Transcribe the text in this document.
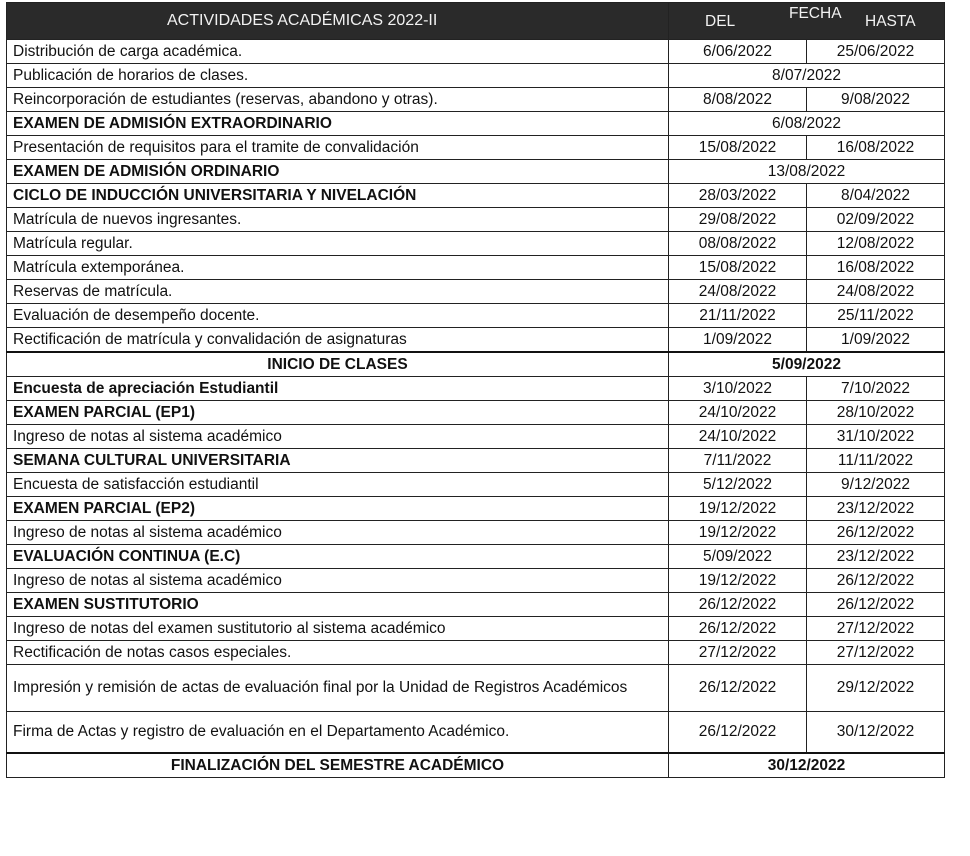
ACTIVIDADES ACADÉMICAS 2022-II	DEL FECHA HASTA	

Distribución de carga académica.	6/06/2022	25/06/2022
Publicación de horarios de clases.	8/07/2022	
Reincorporación de estudiantes (reservas, abandono y otras).	8/08/2022	9/08/2022
EXAMEN DE ADMISIÓN EXTRAORDINARIO	6/08/2022	
Presentación de requisitos para el tramite de convalidación	15/08/2022	16/08/2022
EXAMEN DE ADMISIÓN ORDINARIO	13/08/2022	
CICLO DE INDUCCIÓN UNIVERSITARIA Y NIVELACIÓN	28/03/2022	8/04/2022
Matrícula de nuevos ingresantes.	29/08/2022	02/09/2022
Matrícula regular.	08/08/2022	12/08/2022
Matrícula extemporánea.	15/08/2022	16/08/2022
Reservas de matrícula.	24/08/2022	24/08/2022
Evaluación de desempeño docente.	21/11/2022	25/11/2022
Rectificación de matrícula y convalidación de asignaturas	1/09/2022	1/09/2022
INICIO DE CLASES	5/09/2022	
Encuesta de apreciación Estudiantil	3/10/2022	7/10/2022
EXAMEN PARCIAL (EP1)	24/10/2022	28/10/2022
Ingreso de notas al sistema académico	24/10/2022	31/10/2022
SEMANA CULTURAL UNIVERSITARIA	7/11/2022	11/11/2022
Encuesta de satisfacción estudiantil	5/12/2022	9/12/2022
EXAMEN PARCIAL (EP2)	19/12/2022	23/12/2022
Ingreso de notas al sistema académico	19/12/2022	26/12/2022
EVALUACIÓN CONTINUA (E.C)	5/09/2022	23/12/2022
Ingreso de notas al sistema académico	19/12/2022	26/12/2022
EXAMEN SUSTITUTORIO	26/12/2022	26/12/2022
Ingreso de notas del examen sustitutorio al sistema académico	26/12/2022	27/12/2022
Rectificación de notas casos especiales.	27/12/2022	27/12/2022
Impresión y remisión de actas de evaluación final por la Unidad de Registros Académicos	26/12/2022	29/12/2022
Firma de Actas y registro de evaluación en el Departamento Académico.	26/12/2022	30/12/2022
FINALIZACIÓN DEL SEMESTRE ACADÉMICO	30/12/2022	
